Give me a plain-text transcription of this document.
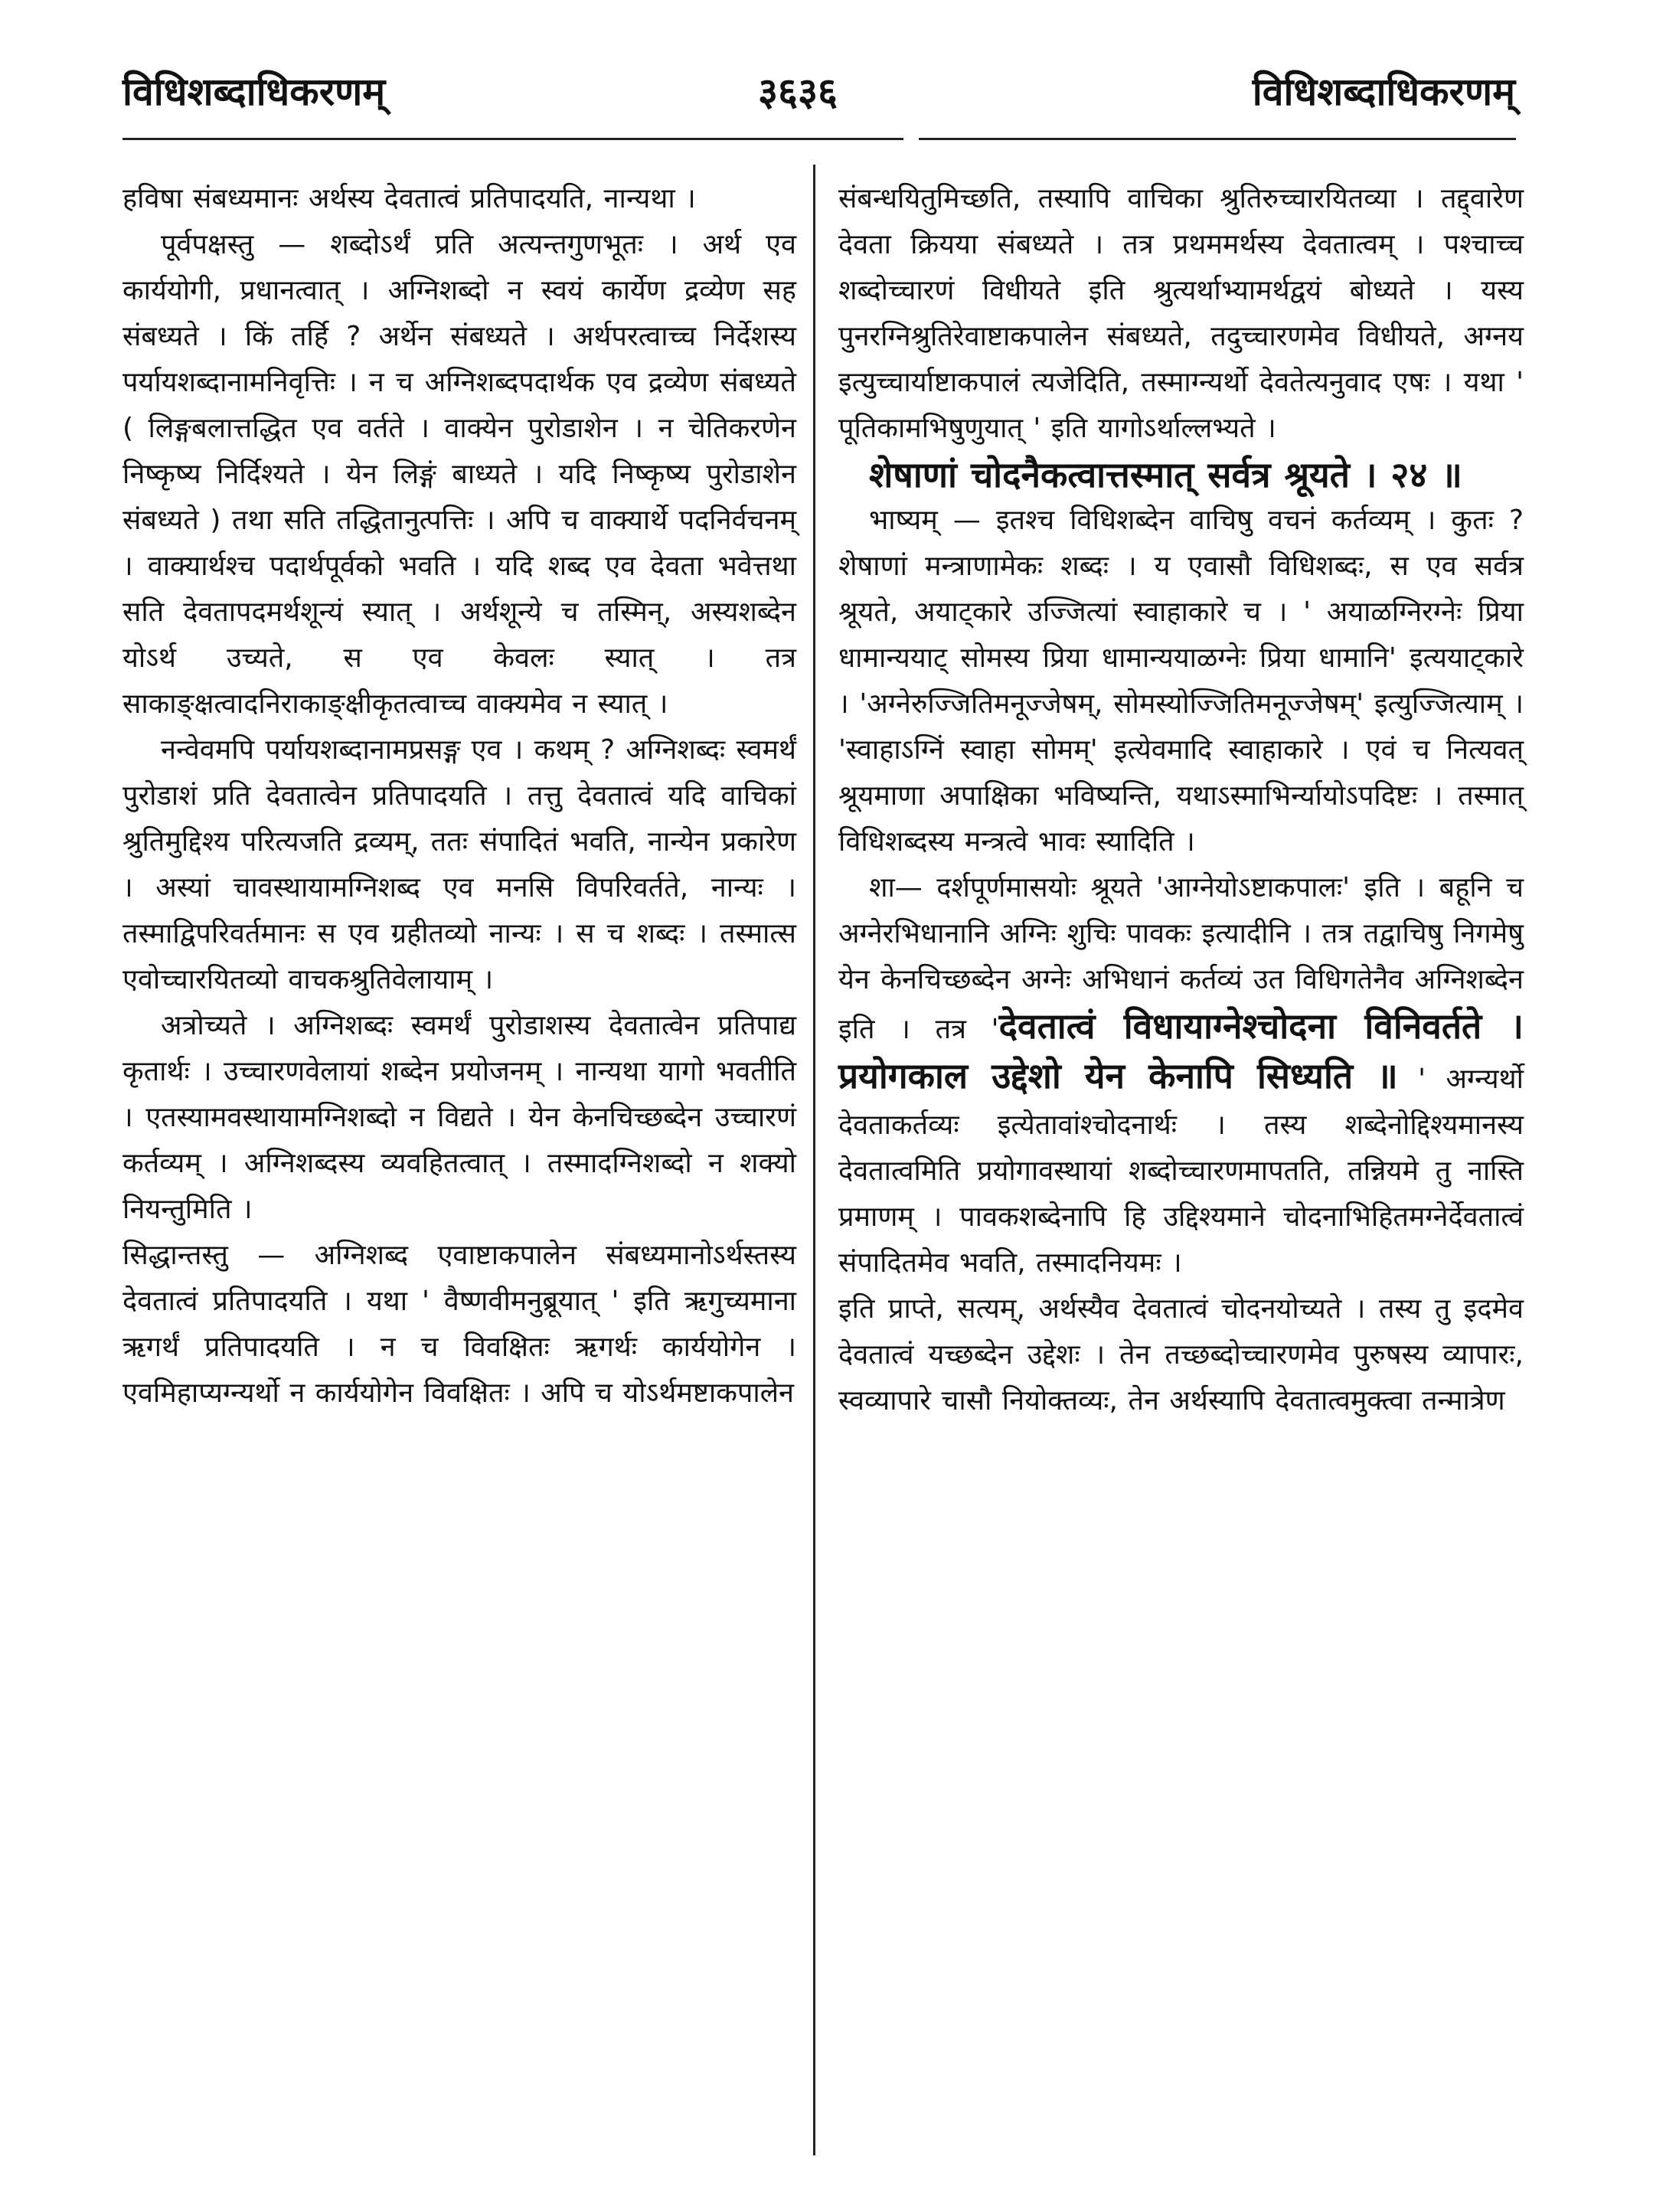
विधिशब्दाधिकरणम्	३६३६	विधिशब्दाधिकरणम्

हविषा संबध्यमानः अर्थस्य देवतात्वं प्रतिपादयति, नान्यथा ।

पूर्वपक्षस्तु — शब्दोऽर्थं प्रति अत्यन्तगुणभूतः । अर्थ एव कार्ययोगी, प्रधानत्वात् । अग्निशब्दो न स्वयं कार्येण द्रव्येण सह संबध्यते । किं तर्हि ? अर्थेन संबध्यते । अर्थपरत्वाच्च निर्देशस्य पर्यायशब्दानामनिवृत्तिः । न च अग्निशब्दपदार्थक एव द्रव्येण संबध्यते ( लिङ्गबलात्तद्धित एव वर्तते । वाक्येन पुरोडाशेन । न चेतिकरणेन निष्कृष्य निर्दिश्यते । येन लिङ्गं बाध्यते । यदि निष्कृष्य पुरोडाशेन संबध्यते ) तथा सति तद्धितानुत्पत्तिः । अपि च वाक्यार्थे पदनिर्वचनम् । वाक्यार्थश्च पदार्थपूर्वको भवति । यदि शब्द एव देवता भवेत्तथा सति देवतापदमर्थशून्यं स्यात् । अर्थशून्ये च तस्मिन्, अस्यशब्देन योऽर्थ उच्यते, स एव केवलः स्यात् । तत्र साकाङ्क्षत्वादनिराकाङ्क्षीकृतत्वाच्च वाक्यमेव न स्यात् ।

नन्वेवमपि पर्यायशब्दानामप्रसङ्ग एव । कथम् ? अग्निशब्दः स्वमर्थं पुरोडाशं प्रति देवतात्वेन प्रतिपादयति । तत्तु देवतात्वं यदि वाचिकां श्रुतिमुद्दिश्य परित्यजति द्रव्यम्, ततः संपादितं भवति, नान्येन प्रकारेण । अस्यां चावस्थायामग्निशब्द एव मनसि विपरिवर्तते, नान्यः । तस्माद्विपरिवर्तमानः स एव ग्रहीतव्यो नान्यः । स च शब्दः । तस्मात्स एवोच्चारयितव्यो वाचकश्रुतिवेलायाम् ।

अत्रोच्यते । अग्निशब्दः स्वमर्थं पुरोडाशस्य देवतात्वेन प्रतिपाद्य कृतार्थः । उच्चारणवेलायां शब्देन प्रयोजनम् । नान्यथा यागो भवतीति । एतस्यामवस्थायामग्निशब्दो न विद्यते । येन केनचिच्छब्देन उच्चारणं कर्तव्यम् । अग्निशब्दस्य व्यवहितत्वात् । तस्मादग्निशब्दो न शक्यो नियन्तुमिति ।

सिद्धान्तस्तु — अग्निशब्द एवाष्टाकपालेन संबध्यमानोऽर्थस्तस्य देवतात्वं प्रतिपादयति । यथा ' वैष्णवीमनुब्रूयात् ' इति ऋगुच्यमाना ऋगर्थं प्रतिपादयति । न च विवक्षितः ऋगर्थः कार्ययोगेन । एवमिहाप्यग्न्यर्थो न कार्ययोगेन विवक्षितः । अपि च योऽर्थमष्टाकपालेन

संबन्धयितुमिच्छति, तस्यापि वाचिका श्रुतिरुच्चारयितव्या । तद्द्वारेण देवता क्रियया संबध्यते । तत्र प्रथममर्थस्य देवतात्वम् । पश्चाच्च शब्दोच्चारणं विधीयते इति श्रुत्यर्थाभ्यामर्थद्वयं बोध्यते । यस्य पुनरग्निश्रुतिरेवाष्टाकपालेन संबध्यते, तदुच्चारणमेव विधीयते, अग्नय इत्युच्चार्याष्टाकपालं त्यजेदिति, तस्माग्न्यर्थो देवतेत्यनुवाद एषः । यथा ' पूतिकामभिषुणुयात् ' इति यागोऽर्थाल्लभ्यते ।

शेषाणां चोदनैकत्वात्तस्मात् सर्वत्र श्रूयते । २४ ॥

भाष्यम् — इतश्च विधिशब्देन वाचिषु वचनं कर्तव्यम् । कुतः ? शेषाणां मन्त्राणामेकः शब्दः । य एवासौ विधिशब्दः, स एव सर्वत्र श्रूयते, अयाट्कारे उज्जित्यां स्वाहाकारे च । ' अयाळग्निरग्नेः प्रिया धामान्ययाट् सोमस्य प्रिया धामान्ययाळग्नेः प्रिया धामानि' इत्ययाट्कारे । 'अग्नेरुज्जितिमनूज्जेषम्, सोमस्योज्जितिमनूज्जेषम्' इत्युज्जित्याम् । 'स्वाहाऽग्निं स्वाहा सोमम्' इत्येवमादि स्वाहाकारे । एवं च नित्यवत् श्रूयमाणा अपाक्षिका भविष्यन्ति, यथाऽस्माभिर्न्यायोऽपदिष्टः । तस्मात् विधिशब्दस्य मन्त्रत्वे भावः स्यादिति ।

शा— दर्शपूर्णमासयोः श्रूयते 'आग्नेयोऽष्टाकपालः' इति । बहूनि च अग्नेरभिधानानि अग्निः शुचिः पावकः इत्यादीनि । तत्र तद्वाचिषु निगमेषु येन केनचिच्छब्देन अग्नेः अभिधानं कर्तव्यं उत विधिगतेनैव अग्निशब्देन इति । तत्र 'देवतात्वं विधायाग्नेश्चोदना विनिवर्तते । प्रयोगकाल उद्देशो येन केनापि सिध्यति ॥ ' अग्न्यर्थो देवताकर्तव्यः इत्येतावांश्चोदनार्थः । तस्य शब्देनोद्दिश्यमानस्य देवतात्वमिति प्रयोगावस्थायां शब्दोच्चारणमापतति, तन्नियमे तु नास्ति प्रमाणम् । पावकशब्देनापि हि उद्दिश्यमाने चोदनाभिहितमग्नेर्देवतात्वं संपादितमेव भवति, तस्मादनियमः ।

इति प्राप्ते, सत्यम्, अर्थस्यैव देवतात्वं चोदनयोच्यते । तस्य तु इदमेव देवतात्वं यच्छब्देन उद्देशः । तेन तच्छब्दोच्चारणमेव पुरुषस्य व्यापारः, स्वव्यापारे चासौ नियोक्तव्यः, तेन अर्थस्यापि देवतात्वमुक्त्वा तन्मात्रेण
